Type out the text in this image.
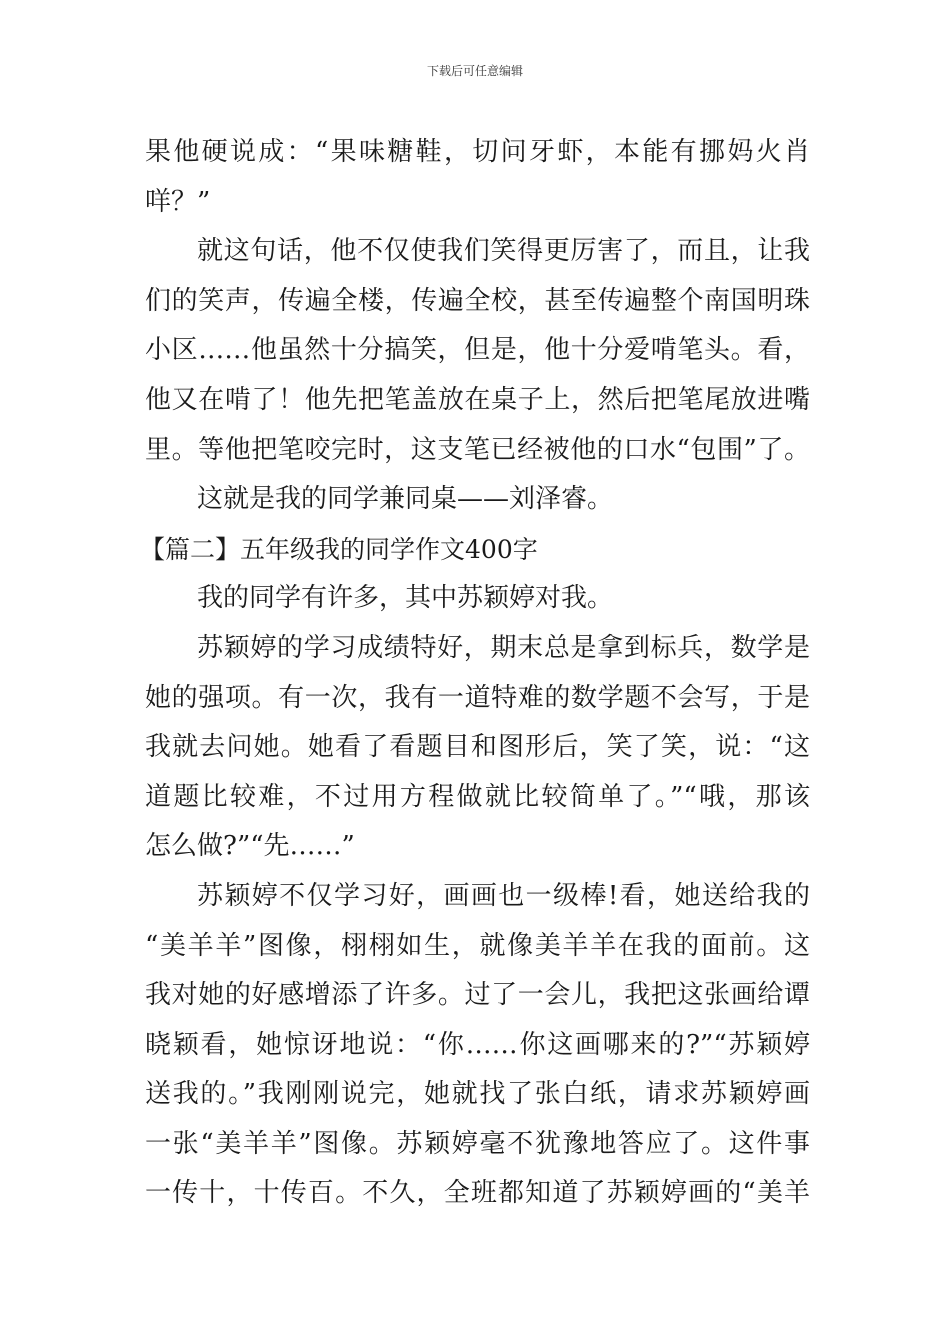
下载后可任意编辑
果他硬说成：“果味糖鞋，切问牙虾，本能有挪妈火肖
咩？”
就这句话，他不仅使我们笑得更厉害了，而且，让我
们的笑声，传遍全楼，传遍全校，甚至传遍整个南国明珠
小区……他虽然十分搞笑，但是，他十分爱啃笔头。看，
他又在啃了！他先把笔盖放在桌子上，然后把笔尾放进嘴
里。等他把笔咬完时，这支笔已经被他的口水“包围”了。
这就是我的同学兼同桌——刘泽睿。
【篇二】五年级我的同学作文400字
我的同学有许多，其中苏颖婷对我。
苏颖婷的学习成绩特好，期末总是拿到标兵，数学是
她的强项。有一次，我有一道特难的数学题不会写，于是
我就去问她。她看了看题目和图形后，笑了笑，说：“这
道题比较难，不过用方程做就比较简单了。”“哦，那该
怎么做?”“先……”
苏颖婷不仅学习好，画画也一级棒!看，她送给我的
“美羊羊”图像，栩栩如生，就像美羊羊在我的面前。这
我对她的好感增添了许多。过了一会儿，我把这张画给谭
晓颖看，她惊讶地说：“你……你这画哪来的?”“苏颖婷
送我的。”我刚刚说完，她就找了张白纸，请求苏颖婷画
一张“美羊羊”图像。苏颖婷毫不犹豫地答应了。这件事
一传十，十传百。不久，全班都知道了苏颖婷画的“美羊
